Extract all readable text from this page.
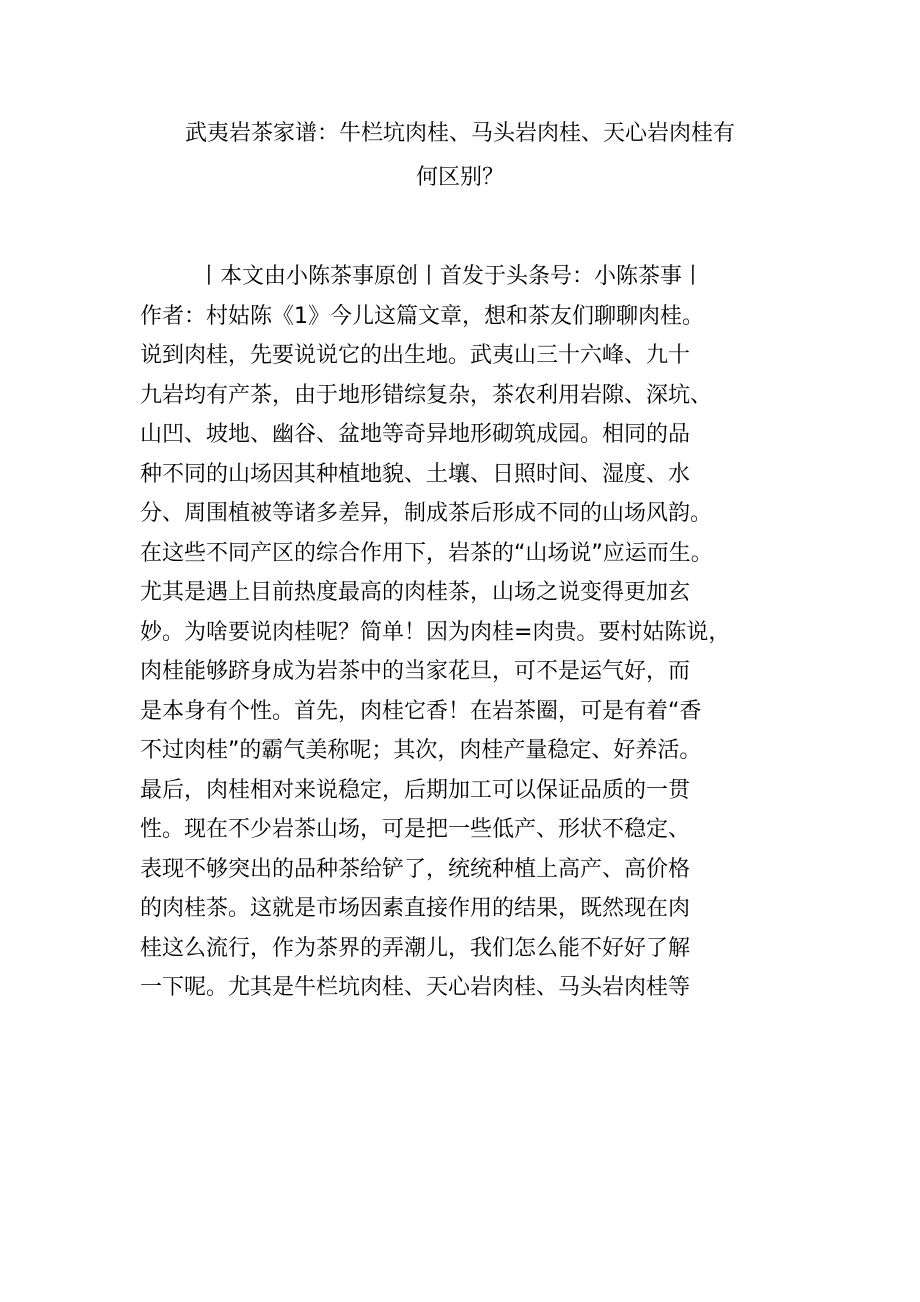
武夷岩茶家谱：牛栏坑肉桂、马头岩肉桂、天心岩肉桂有
何区别？
丨本文由小陈茶事原创丨首发于头条号：小陈茶事丨
作者：村姑陈《1》今儿这篇文章，想和茶友们聊聊肉桂。
说到肉桂，先要说说它的出生地。武夷山三十六峰、九十
九岩均有产茶，由于地形错综复杂，茶农利用岩隙、深坑、
山凹、坡地、幽谷、盆地等奇异地形砌筑成园。相同的品
种不同的山场因其种植地貌、土壤、日照时间、湿度、水
分、周围植被等诸多差异，制成茶后形成不同的山场风韵。
在这些不同产区的综合作用下，岩茶的“山场说”应运而生。
尤其是遇上目前热度最高的肉桂茶，山场之说变得更加玄
妙。为啥要说肉桂呢？简单！因为肉桂=肉贵。要村姑陈说，
肉桂能够跻身成为岩茶中的当家花旦，可不是运气好，而
是本身有个性。首先，肉桂它香！在岩茶圈，可是有着“香
不过肉桂”的霸气美称呢；其次，肉桂产量稳定、好养活。
最后，肉桂相对来说稳定，后期加工可以保证品质的一贯
性。现在不少岩茶山场，可是把一些低产、形状不稳定、
表现不够突出的品种茶给铲了，统统种植上高产、高价格
的肉桂茶。这就是市场因素直接作用的结果，既然现在肉
桂这么流行，作为茶界的弄潮儿，我们怎么能不好好了解
一下呢。尤其是牛栏坑肉桂、天心岩肉桂、马头岩肉桂等
